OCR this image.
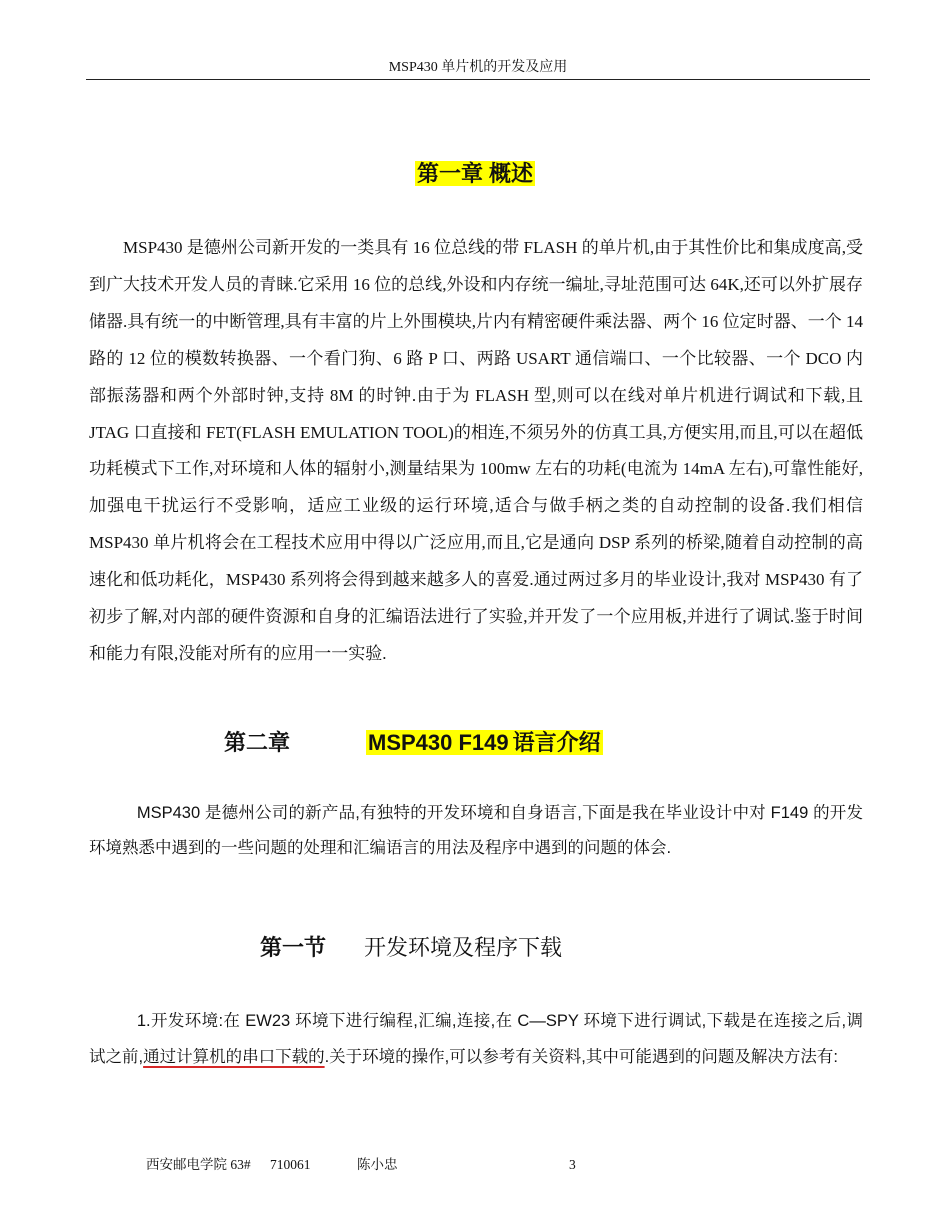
MSP430 单片机的开发及应用
第一章 概述

MSP430 是德州公司新开发的一类具有 16 位总线的带 FLASH 的单片机,由于其性价比和集成度高,受到广大技术开发人员的青睐.它采用 16 位的总线,外设和内存统一编址,寻址范围可达 64K,还可以外扩展存储器.具有统一的中断管理,具有丰富的片上外围模块,片内有精密硬件乘法器、两个 16 位定时器、一个 14 路的 12 位的模数转换器、一个看门狗、6 路 P 口、两路 USART 通信端口、一个比较器、一个 DCO 内部振荡器和两个外部时钟,支持 8M 的时钟.由于为 FLASH 型,则可以在线对单片机进行调试和下载,且 JTAG 口直接和 FET(FLASH EMULATION TOOL)的相连,不须另外的仿真工具,方便实用,而且,可以在超低功耗模式下工作,对环境和人体的辐射小,测量结果为 100mw 左右的功耗(电流为 14mA 左右),可靠性能好,加强电干扰运行不受影响，适应工业级的运行环境,适合与做手柄之类的自动控制的设备.我们相信 MSP430 单片机将会在工程技术应用中得以广泛应用,而且,它是通向 DSP 系列的桥梁,随着自动控制的高速化和低功耗化，MSP430 系列将会得到越来越多人的喜爱.通过两过多月的毕业设计,我对 MSP430 有了初步了解,对内部的硬件资源和自身的汇编语法进行了实验,并开发了一个应用板,并进行了调试.鉴于时间和能力有限,没能对所有的应用一一实验.

第二章	MSP430 F149 语言介绍

MSP430 是德州公司的新产品,有独特的开发环境和自身语言,下面是我在毕业设计中对 F149 的开发环境熟悉中遇到的一些问题的处理和汇编语言的用法及程序中遇到的问题的体会.

第一节 开发环境及程序下载

1.开发环境:在 EW23 环境下进行编程,汇编,连接,在 C—SPY 环境下进行调试,下载是在连接之后,调试之前,通过计算机的串口下载的.关于环境的操作,可以参考有关资料,其中可能遇到的问题及解决方法有:

西安邮电学院 63# 710061	陈小忠	3
